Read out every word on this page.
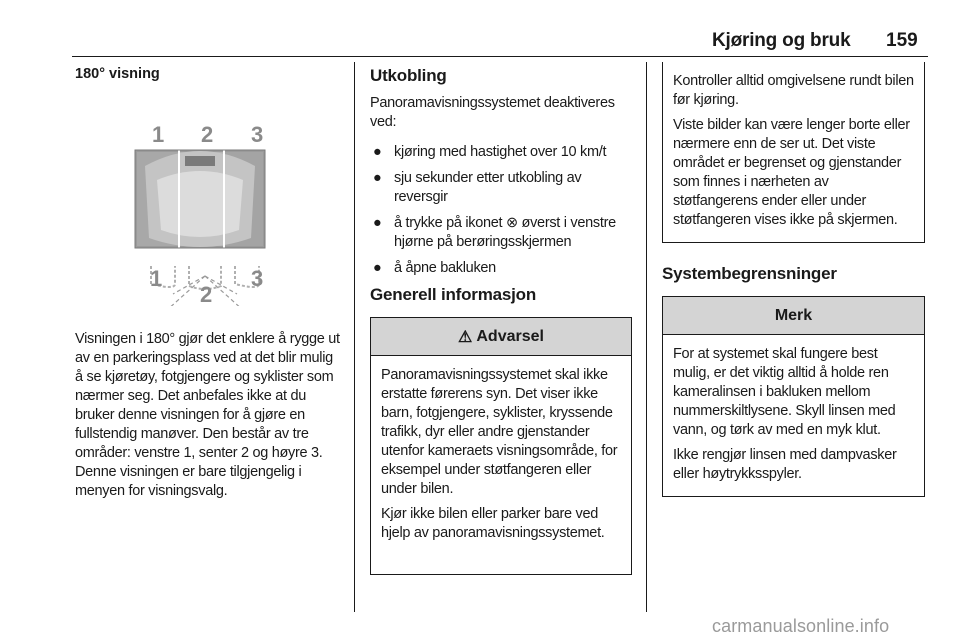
Kjøring og bruk 159
180° visning
1 2 3
1
2
3

Visningen i 180° gjør det enklere å rygge ut av en parkeringsplass ved at det blir mulig å se kjøretøy, fotgjengere og syklister som nærmer seg. Det anbefales ikke at du bruker denne visningen for å gjøre en fullstendig manøver. Den består av tre områder: venstre 1, senter 2 og høyre 3. Denne visningen er bare tilgjengelig i menyen for visningsvalg.

Utkobling

Panoramavisningssystemet deaktiveres ved:

● kjøring med hastighet over 10 km/t
● sju sekunder etter utkobling av reversgir
● å trykke på ikonet ⊗ øverst i venstre hjørne på berøringsskjermen
● å åpne bakluken
Generell informasjon
⚠ Advarsel

Panoramavisningssystemet skal ikke erstatte førerens syn. Det viser ikke barn, fotgjengere, syklister, kryssende trafikk, dyr eller andre gjenstander utenfor kameraets visningsområde, for eksempel under støtfangeren eller under bilen.

Kjør ikke bilen eller parker bare ved hjelp av panoramavisningssystemet.

Kontroller alltid omgivelsene rundt bilen før kjøring.

Viste bilder kan være lenger borte eller nærmere enn de ser ut. Det viste området er begrenset og gjenstander som finnes i nærheten av støtfangerens ender eller under støtfangeren vises ikke på skjermen.

Systembegrensninger
Merk

For at systemet skal fungere best mulig, er det viktig alltid å holde ren kameralinsen i bakluken mellom nummerskiltlysene. Skyll linsen med vann, og tørk av med en myk klut.

Ikke rengjør linsen med dampvasker eller høytrykksspyler.

carmanualsonline.info
